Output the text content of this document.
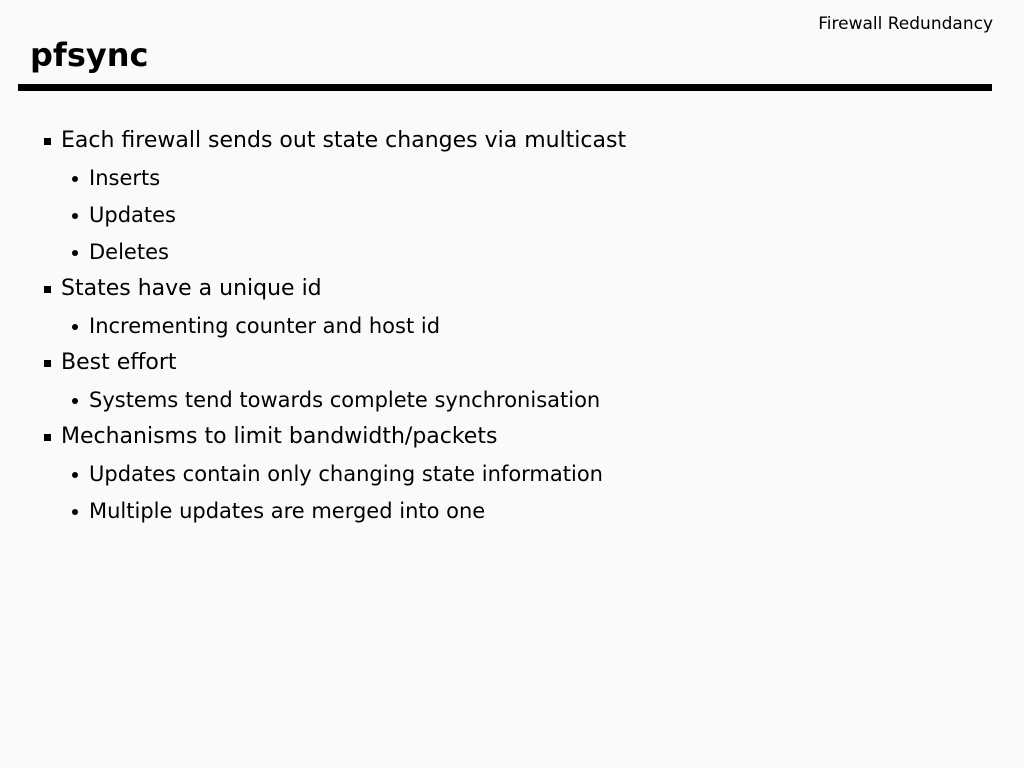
Firewall Redundancy
pfsync
Each firewall sends out state changes via multicast
Inserts
Updates
Deletes
States have a unique id
Incrementing counter and host id
Best effort
Systems tend towards complete synchronisation
Mechanisms to limit bandwidth/packets
Updates contain only changing state information
Multiple updates are merged into one
